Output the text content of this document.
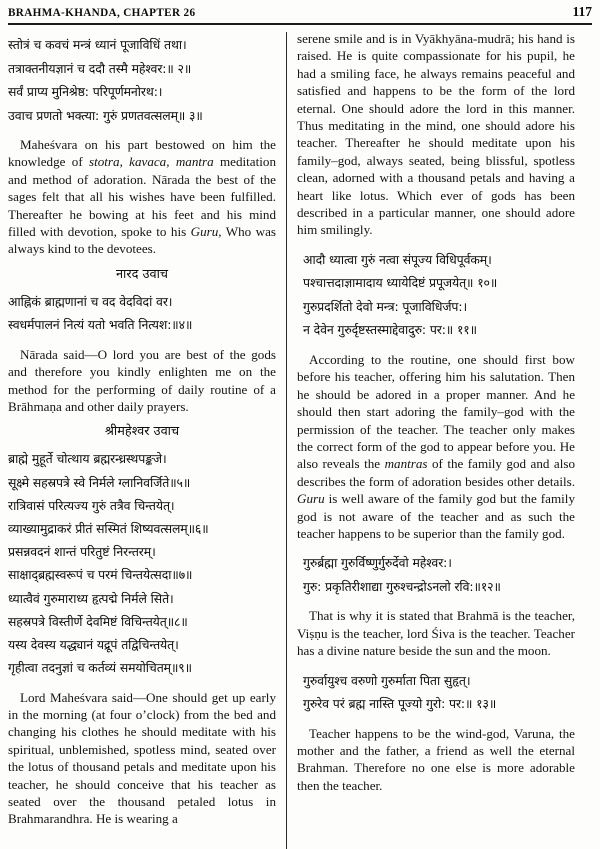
BRAHMA-KHANDA, CHAPTER 26	117
स्तोत्रं च कवचं मन्त्रं ध्यानं पूजाविधिं तथा।
तत्राक्तनीयज्ञानं च ददौ तस्मै महेश्वर:॥ २॥
सर्वं प्राप्य मुनिश्रेष्ठ: परिपूर्णमनोरथ:।
उवाच प्रणतो भक्त्या: गुरुं प्रणतवत्सलम्॥ ३॥

Maheśvara on his part bestowed on him the knowledge of stotra, kavaca, mantra meditation and method of adoration. Nārada the best of the sages felt that all his wishes have been fulfilled. Thereafter he bowing at his feet and his mind filled with devotion, spoke to his Guru, Who was always kind to the devotees.

नारद उवाच
आह्निकं ब्राह्मणानां च वद वेदविदां वर।
स्वधर्मपालनं नित्यं यतो भवति नित्यश:॥४॥

Nārada said—O lord you are best of the gods and therefore you kindly enlighten me on the method for the performing of daily routine of a Brāhmaṇa and other daily prayers.

श्रीमहेश्वर उवाच
ब्राह्मे मुहूर्ते चोत्थाय ब्रह्मरन्ध्रस्थपङ्कजे।
सूक्ष्मे सहस्रपत्रे स्वे निर्मले ग्लानिवर्जिते॥५॥
रात्रिवासं परित्यज्य गुरुं तत्रैव चिन्तयेत्।
व्याख्यामुद्राकरं प्रीतं सस्मितं शिष्यवत्सलम्॥६॥
प्रसन्नवदनं शान्तं परितुष्टं निरन्तरम्।
साक्षाद्ब्रह्मस्वरूपं च परमं चिन्तयेत्सदा॥७॥
ध्यात्वैवं गुरुमाराध्य हृत्पद्मे निर्मले सिते।
सहस्रपत्रे विस्तीर्णे देवमिष्टं विचिन्तयेत्॥८॥
यस्य देवस्य यद्ध्यानं यद्रूपं तद्विचिन्तयेत्।
गृहीत्वा तदनुज्ञां च कर्तव्यं समयोचितम्॥९॥

Lord Maheśvara said—One should get up early in the morning (at four o’clock) from the bed and changing his clothes he should meditate with his spiritual, unblemished, spotless mind, seated over the lotus of thousand petals and meditate upon his teacher, he should conceive that his teacher as seated over the thousand petaled lotus in Brahmarandhra. He is wearing a

serene smile and is in Vyākhyāna-mudrā; his hand is raised. He is quite compassionate for his pupil, he had a smiling face, he always remains peaceful and satisfied and happens to be the form of the lord eternal. One should adore the lord in this manner. Thus meditating in the mind, one should adore his teacher. Thereafter he should meditate upon his family–god, always seated, being blissful, spotless clean, adorned with a thousand petals and having a heart like lotus. Which ever of gods has been described in a particular manner, one should adore him smilingly.

आदौ ध्यात्वा गुरुं नत्वा संपूज्य विधिपूर्वकम्।
पश्चात्तदाज्ञामादाय ध्यायेदिष्टं प्रपूजयेत्॥ १०॥
गुरुप्रदर्शितो देवो मन्त्र: पूजाविधिर्जप:।
न देवेन गुरुर्दृष्टस्तस्माद्देवादुरु: पर:॥ ११॥

According to the routine, one should first bow before his teacher, offering him his salutation. Then he should be adored in a proper manner. And he should then start adoring the family–god with the permission of the teacher. The teacher only makes the correct form of the god to appear before you. He also reveals the mantras of the family god and also describes the form of adoration besides other details. Guru is well aware of the family god but the family god is not aware of the teacher and as such the teacher happens to be superior than the family god.

गुरुर्ब्रह्मा गुरुर्विष्णुर्गुरुर्देवो महेश्वर:।
गुरु: प्रकृतिरीशाद्या गुरुश्चन्द्रोऽनलो रवि:॥१२॥

That is why it is stated that Brahmā is the teacher, Viṣṇu is the teacher, lord Śiva is the teacher. Teacher has a divine nature beside the sun and the moon.

गुरुर्वायुश्च वरुणो गुरुर्माता पिता सुहृत्।
गुरुरेव परं ब्रह्म नास्ति पूज्यो गुरो: पर:॥ १३॥

Teacher happens to be the wind-god, Varuna, the mother and the father, a friend as well the eternal Brahman. Therefore no one else is more adorable then the teacher.
